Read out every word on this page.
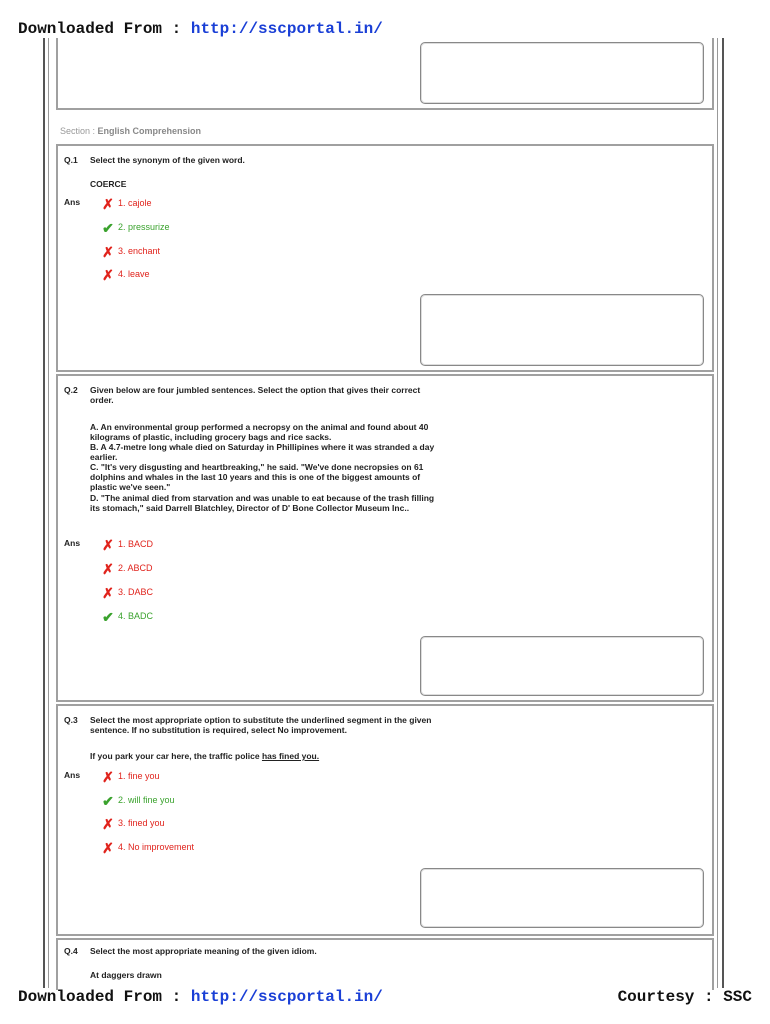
Downloaded From : http://sscportal.in/
Section : English Comprehension
Q.1 Select the synonym of the given word.
COERCE
Ans ✗ 1. cajole
✔ 2. pressurize
✗ 3. enchant
✗ 4. leave
Q.2 Given below are four jumbled sentences. Select the option that gives their correct
order.
A. An environmental group performed a necropsy on the animal and found about 40
kilograms of plastic, including grocery bags and rice sacks.
B. A 4.7-metre long whale died on Saturday in Phillipines where it was stranded a day
earlier.
C. "It's very disgusting and heartbreaking," he said. "We've done necropsies on 61
dolphins and whales in the last 10 years and this is one of the biggest amounts of
plastic we've seen."
D. "The animal died from starvation and was unable to eat because of the trash filling
its stomach," said Darrell Blatchley, Director of D' Bone Collector Museum Inc..
Ans ✗ 1. BACD
✗ 2. ABCD
✗ 3. DABC
✔ 4. BADC
Q.3 Select the most appropriate option to substitute the underlined segment in the given
sentence. If no substitution is required, select No improvement.
If you park your car here, the traffic police has fined you.
Ans ✗ 1. fine you
✔ 2. will fine you
✗ 3. fined you
✗ 4. No improvement
Q.4 Select the most appropriate meaning of the given idiom.
At daggers drawn
Downloaded From : http://sscportal.in/	Courtesy : SSC
